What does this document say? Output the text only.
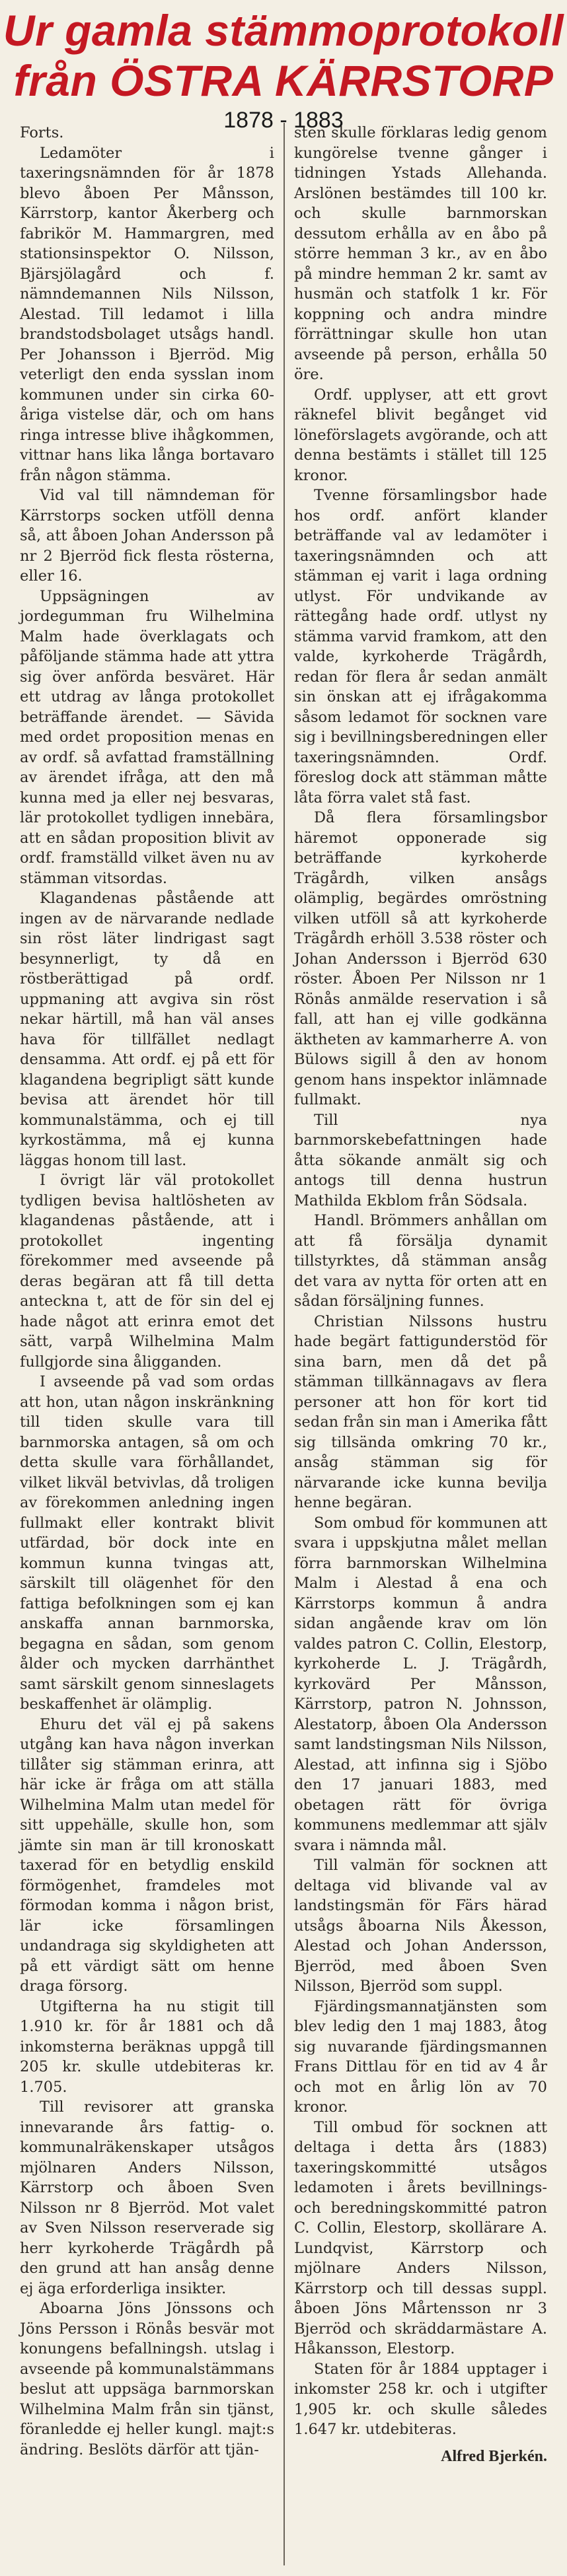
Ur gamla stämmoprotokoll
från ÖSTRA KÄRRSTORP
1878 - 1883

Forts.

Ledamöter i taxeringsnämnden för år 1878 blevo åboen Per Månsson, Kärrstorp, kantor Åkerberg och fabrikör M. Hammargren, med stationsinspektor O. Nilsson, Bjärsjölagård och f. nämndemannen Nils Nilsson, Alestad. Till ledamot i lilla brandstodsbolaget utsågs handl. Per Johansson i Bjerröd. Mig veterligt den enda sysslan inom kommunen under sin cirka 60-åriga vistelse där, och om hans ringa intresse blive ihågkommen, vittnar hans lika långa bortavaro från någon stämma.

Vid val till nämndeman för Kärrstorps socken utföll denna så, att åboen Johan Andersson på nr 2 Bjerröd fick flesta rösterna, eller 16.

Uppsägningen av jordegumman fru Wilhelmina Malm hade överklagats och påföljande stämma hade att yttra sig över anförda besväret. Här ett utdrag av långa protokollet beträffande ärendet. — Sävida med ordet proposition menas en av ordf. så avfattad framställning av ärendet ifråga, att den må kunna med ja eller nej besvaras, lär protokollet tydligen innebära, att en sådan proposition blivit av ordf. framställd vilket även nu av stämman vitsordas.

Klagandenas påstående att ingen av de närvarande nedlade sin röst läter lindrigast sagt besynnerligt, ty då en röstberättigad på ordf. uppmaning att avgiva sin röst nekar härtill, må han väl anses hava för tillfället nedlagt densamma. Att ordf. ej på ett för klagandena begripligt sätt kunde bevisa att ärendet hör till kommunalstämma, och ej till kyrkostämma, må ej kunna läggas honom till last.

I övrigt lär väl protokollet tydligen bevisa haltlösheten av klagandenas påstående, att i protokollet ingenting förekommer med avseende på deras begäran att få till detta anteckna t, att de för sin del ej hade något att erinra emot det sätt, varpå Wilhelmina Malm fullgjorde sina åligganden.

I avseende på vad som ordas att hon, utan någon inskränkning till tiden skulle vara till barnmorska antagen, så om och detta skulle vara förhållandet, vilket likväl betvivlas, då troligen av förekommen anledning ingen fullmakt eller kontrakt blivit utfärdad, bör dock inte en kommun kunna tvingas att, särskilt till olägenhet för den fattiga befolkningen som ej kan anskaffa annan barnmorska, begagna en sådan, som genom ålder och mycken darrhänthet samt särskilt genom sinneslagets beskaffenhet är olämplig.

Ehuru det väl ej på sakens utgång kan hava någon inverkan tillåter sig stämman erinra, att här icke är fråga om att ställa Wilhelmina Malm utan medel för sitt uppehälle, skulle hon, som jämte sin man är till kronoskatt taxerad för en betydlig enskild förmögenhet, framdeles mot förmodan komma i någon brist, lär icke församlingen undandraga sig skyldigheten att på ett värdigt sätt om henne draga försorg.

Utgifterna ha nu stigit till 1.910 kr. för år 1881 och då inkomsterna beräknas uppgå till 205 kr. skulle utdebiteras kr. 1.705.

Till revisorer att granska innevarande års fattig- o. kommunalräkenskaper utsågos mjölnaren Anders Nilsson, Kärrstorp och åboen Sven Nilsson nr 8 Bjerröd. Mot valet av Sven Nilsson reserverade sig herr kyrkoherde Trägårdh på den grund att han ansåg denne ej äga erforderliga insikter.

Aboarna Jöns Jönssons och Jöns Persson i Rönås besvär mot konungens befallningsh. utslag i avseende på kommunalstämmans beslut att uppsäga barnmorskan Wilhelmina Malm från sin tjänst, föranledde ej heller kungl. majt:s ändring. Beslöts därför att tjän-

sten skulle förklaras ledig genom kungörelse tvenne gånger i tidningen Ystads Allehanda. Arslönen bestämdes till 100 kr. och skulle barnmorskan dessutom erhålla av en åbo på större hemman 3 kr., av en åbo på mindre hemman 2 kr. samt av husmän och statfolk 1 kr. För koppning och andra mindre förrättningar skulle hon utan avseende på person, erhålla 50 öre.

Ordf. upplyser, att ett grovt räknefel blivit begånget vid löneförslagets avgörande, och att denna bestämts i stället till 125 kronor.

Tvenne församlingsbor hade hos ordf. anfört klander beträffande val av ledamöter i taxeringsnämnden och att stämman ej varit i laga ordning utlyst. För undvikande av rättegång hade ordf. utlyst ny stämma varvid framkom, att den valde, kyrkoherde Trägårdh, redan för flera år sedan anmält sin önskan att ej ifrågakomma såsom ledamot för socknen vare sig i bevillningsberedningen eller taxeringsnämnden. Ordf. föreslog dock att stämman måtte låta förra valet stå fast.

Då flera församlingsbor häremot opponerade sig beträffande kyrkoherde Trägårdh, vilken ansågs olämplig, begärdes omröstning vilken utföll så att kyrkoherde Trägårdh erhöll 3.538 röster och Johan Andersson i Bjerröd 630 röster. Åboen Per Nilsson nr 1 Rönås anmälde reservation i så fall, att han ej ville godkänna äktheten av kammarherre A. von Bülows sigill å den av honom genom hans inspektor inlämnade fullmakt.

Till nya barnmorskebefattningen hade åtta sökande anmält sig och antogs till denna hustrun Mathilda Ekblom från Södsala.

Handl. Brömmers anhållan om att få försälja dynamit tillstyrktes, då stämman ansåg det vara av nytta för orten att en sådan försäljning funnes.

Christian Nilssons hustru hade begärt fattigunderstöd för sina barn, men då det på stämman tillkännagavs av flera personer att hon för kort tid sedan från sin man i Amerika fått sig tillsända omkring 70 kr., ansåg stämman sig för närvarande icke kunna bevilja henne begäran.

Som ombud för kommunen att svara i uppskjutna målet mellan förra barnmorskan Wilhelmina Malm i Alestad å ena och Kärrstorps kommun å andra sidan angående krav om lön valdes patron C. Collin, Elestorp, kyrkoherde L. J. Trägårdh, kyrkovärd Per Månsson, Kärrstorp, patron N. Johnsson, Alestatorp, åboen Ola Andersson samt landstingsman Nils Nilsson, Alestad, att infinna sig i Sjöbo den 17 januari 1883, med obetagen rätt för övriga kommunens medlemmar att själv svara i nämnda mål.

Till valmän för socknen att deltaga vid blivande val av landstingsmän för Färs härad utsågs åboarna Nils Åkesson, Alestad och Johan Andersson, Bjerröd, med åboen Sven Nilsson, Bjerröd som suppl.

Fjärdingsmannatjänsten som blev ledig den 1 maj 1883, åtog sig nuvarande fjärdingsmannen Frans Dittlau för en tid av 4 år och mot en årlig lön av 70 kronor.

Till ombud för socknen att deltaga i detta års (1883) taxeringskommitté utsågos ledamoten i årets bevillnings- och beredningskommitté patron C. Collin, Elestorp, skollärare A. Lundqvist, Kärrstorp och mjölnare Anders Nilsson, Kärrstorp och till dessas suppl. åboen Jöns Mårtensson nr 3 Bjerröd och skräddarmästare A. Håkansson, Elestorp.

Staten för år 1884 upptager i inkomster 258 kr. och i utgifter 1,905 kr. och skulle således 1.647 kr. utdebiteras.

Alfred Bjerkén.
